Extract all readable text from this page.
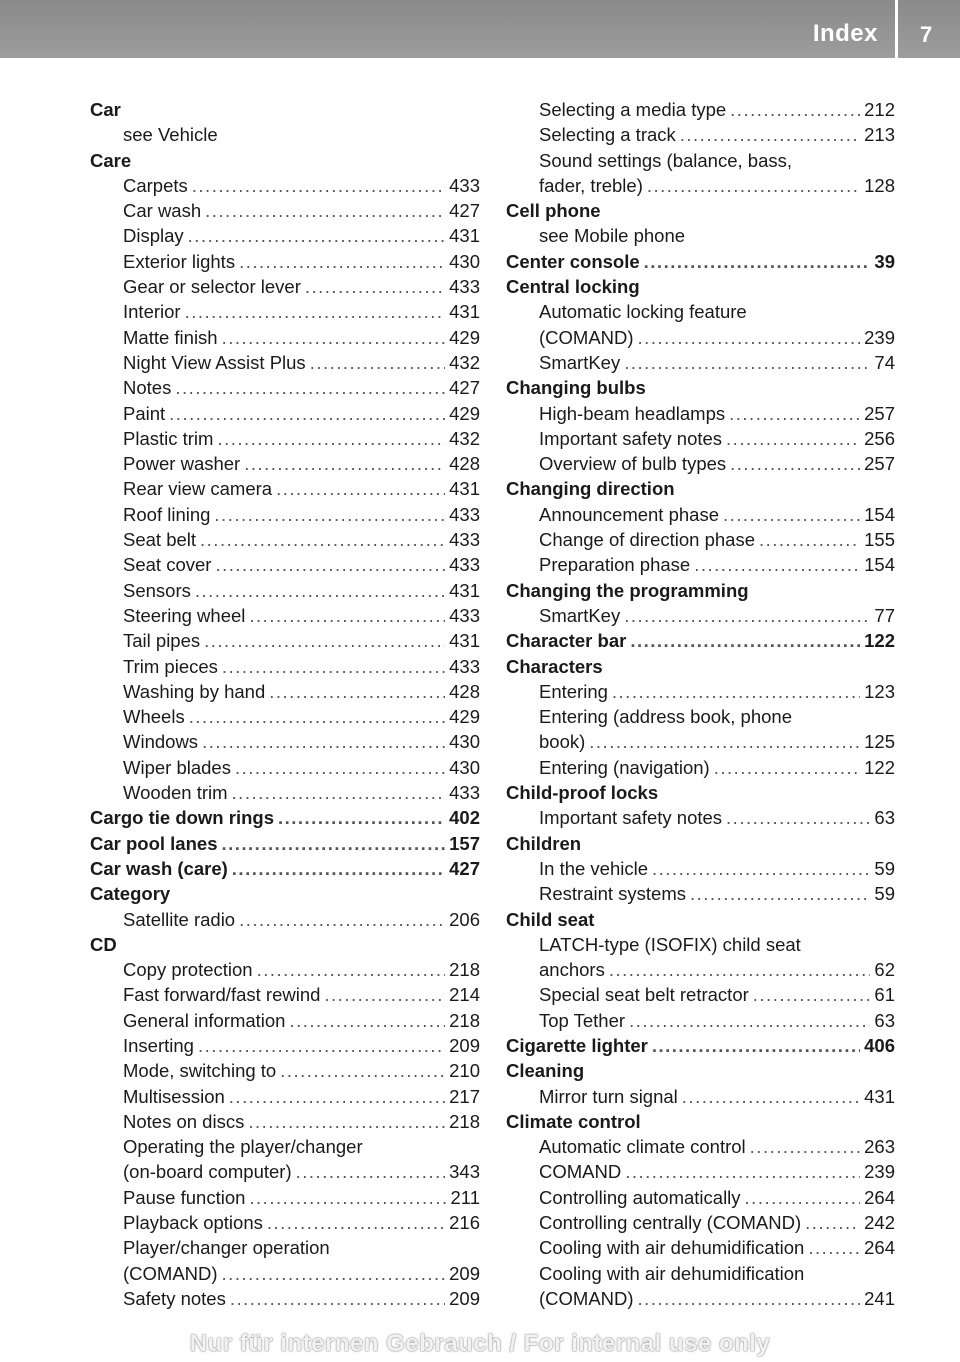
Index 7
Car
see Vehicle
Care
Carpets .....	433
Car wash .....	427
Display .....	431
Exterior lights .....	430
Gear or selector lever .....	433
Interior .....	431
Matte finish .....	429
Night View Assist Plus .....	432
Notes .....	427
Paint .....	429
Plastic trim .....	432
Power washer .....	428
Rear view camera .....	431
Roof lining .....	433
Seat belt .....	433
Seat cover .....	433
Sensors .....	431
Steering wheel .....	433
Tail pipes .....	431
Trim pieces .....	433
Washing by hand .....	428
Wheels .....	429
Windows .....	430
Wiper blades .....	430
Wooden trim .....	433
Cargo tie down rings .....	402
Car pool lanes .....	157
Car wash (care) .....	427
Category
Satellite radio .....	206
CD
Copy protection .....	218
Fast forward/fast rewind .....	214
General information .....	218
Inserting .....	209
Mode, switching to .....	210
Multisession .....	217
Notes on discs .....	218
Operating the player/changer
(on-board computer) .....	343
Pause function .....	211
Playback options .....	216
Player/changer operation
(COMAND) .....	209
Safety notes .....	209
Selecting a media type .....	212
Selecting a track .....	213
Sound settings (balance, bass,
fader, treble) .....	128
Cell phone
see Mobile phone
Center console .....	39
Central locking
Automatic locking feature
(COMAND) .....	239
SmartKey .....	74
Changing bulbs
High-beam headlamps .....	257
Important safety notes .....	256
Overview of bulb types .....	257
Changing direction
Announcement phase .....	154
Change of direction phase .....	155
Preparation phase .....	154
Changing the programming
SmartKey .....	77
Character bar .....	122
Characters
Entering .....	123
Entering (address book, phone
book) .....	125
Entering (navigation) .....	122
Child-proof locks
Important safety notes .....	63
Children
In the vehicle .....	59
Restraint systems .....	59
Child seat
LATCH-type (ISOFIX) child seat
anchors .....	62
Special seat belt retractor .....	61
Top Tether .....	63
Cigarette lighter .....	406
Cleaning
Mirror turn signal .....	431
Climate control
Automatic climate control .....	263
COMAND .....	239
Controlling automatically .....	264
Controlling centrally (COMAND) .....	242
Cooling with air dehumidification .....	264
Cooling with air dehumidification
(COMAND) .....	241
Nur für internen Gebrauch / For internal use only
